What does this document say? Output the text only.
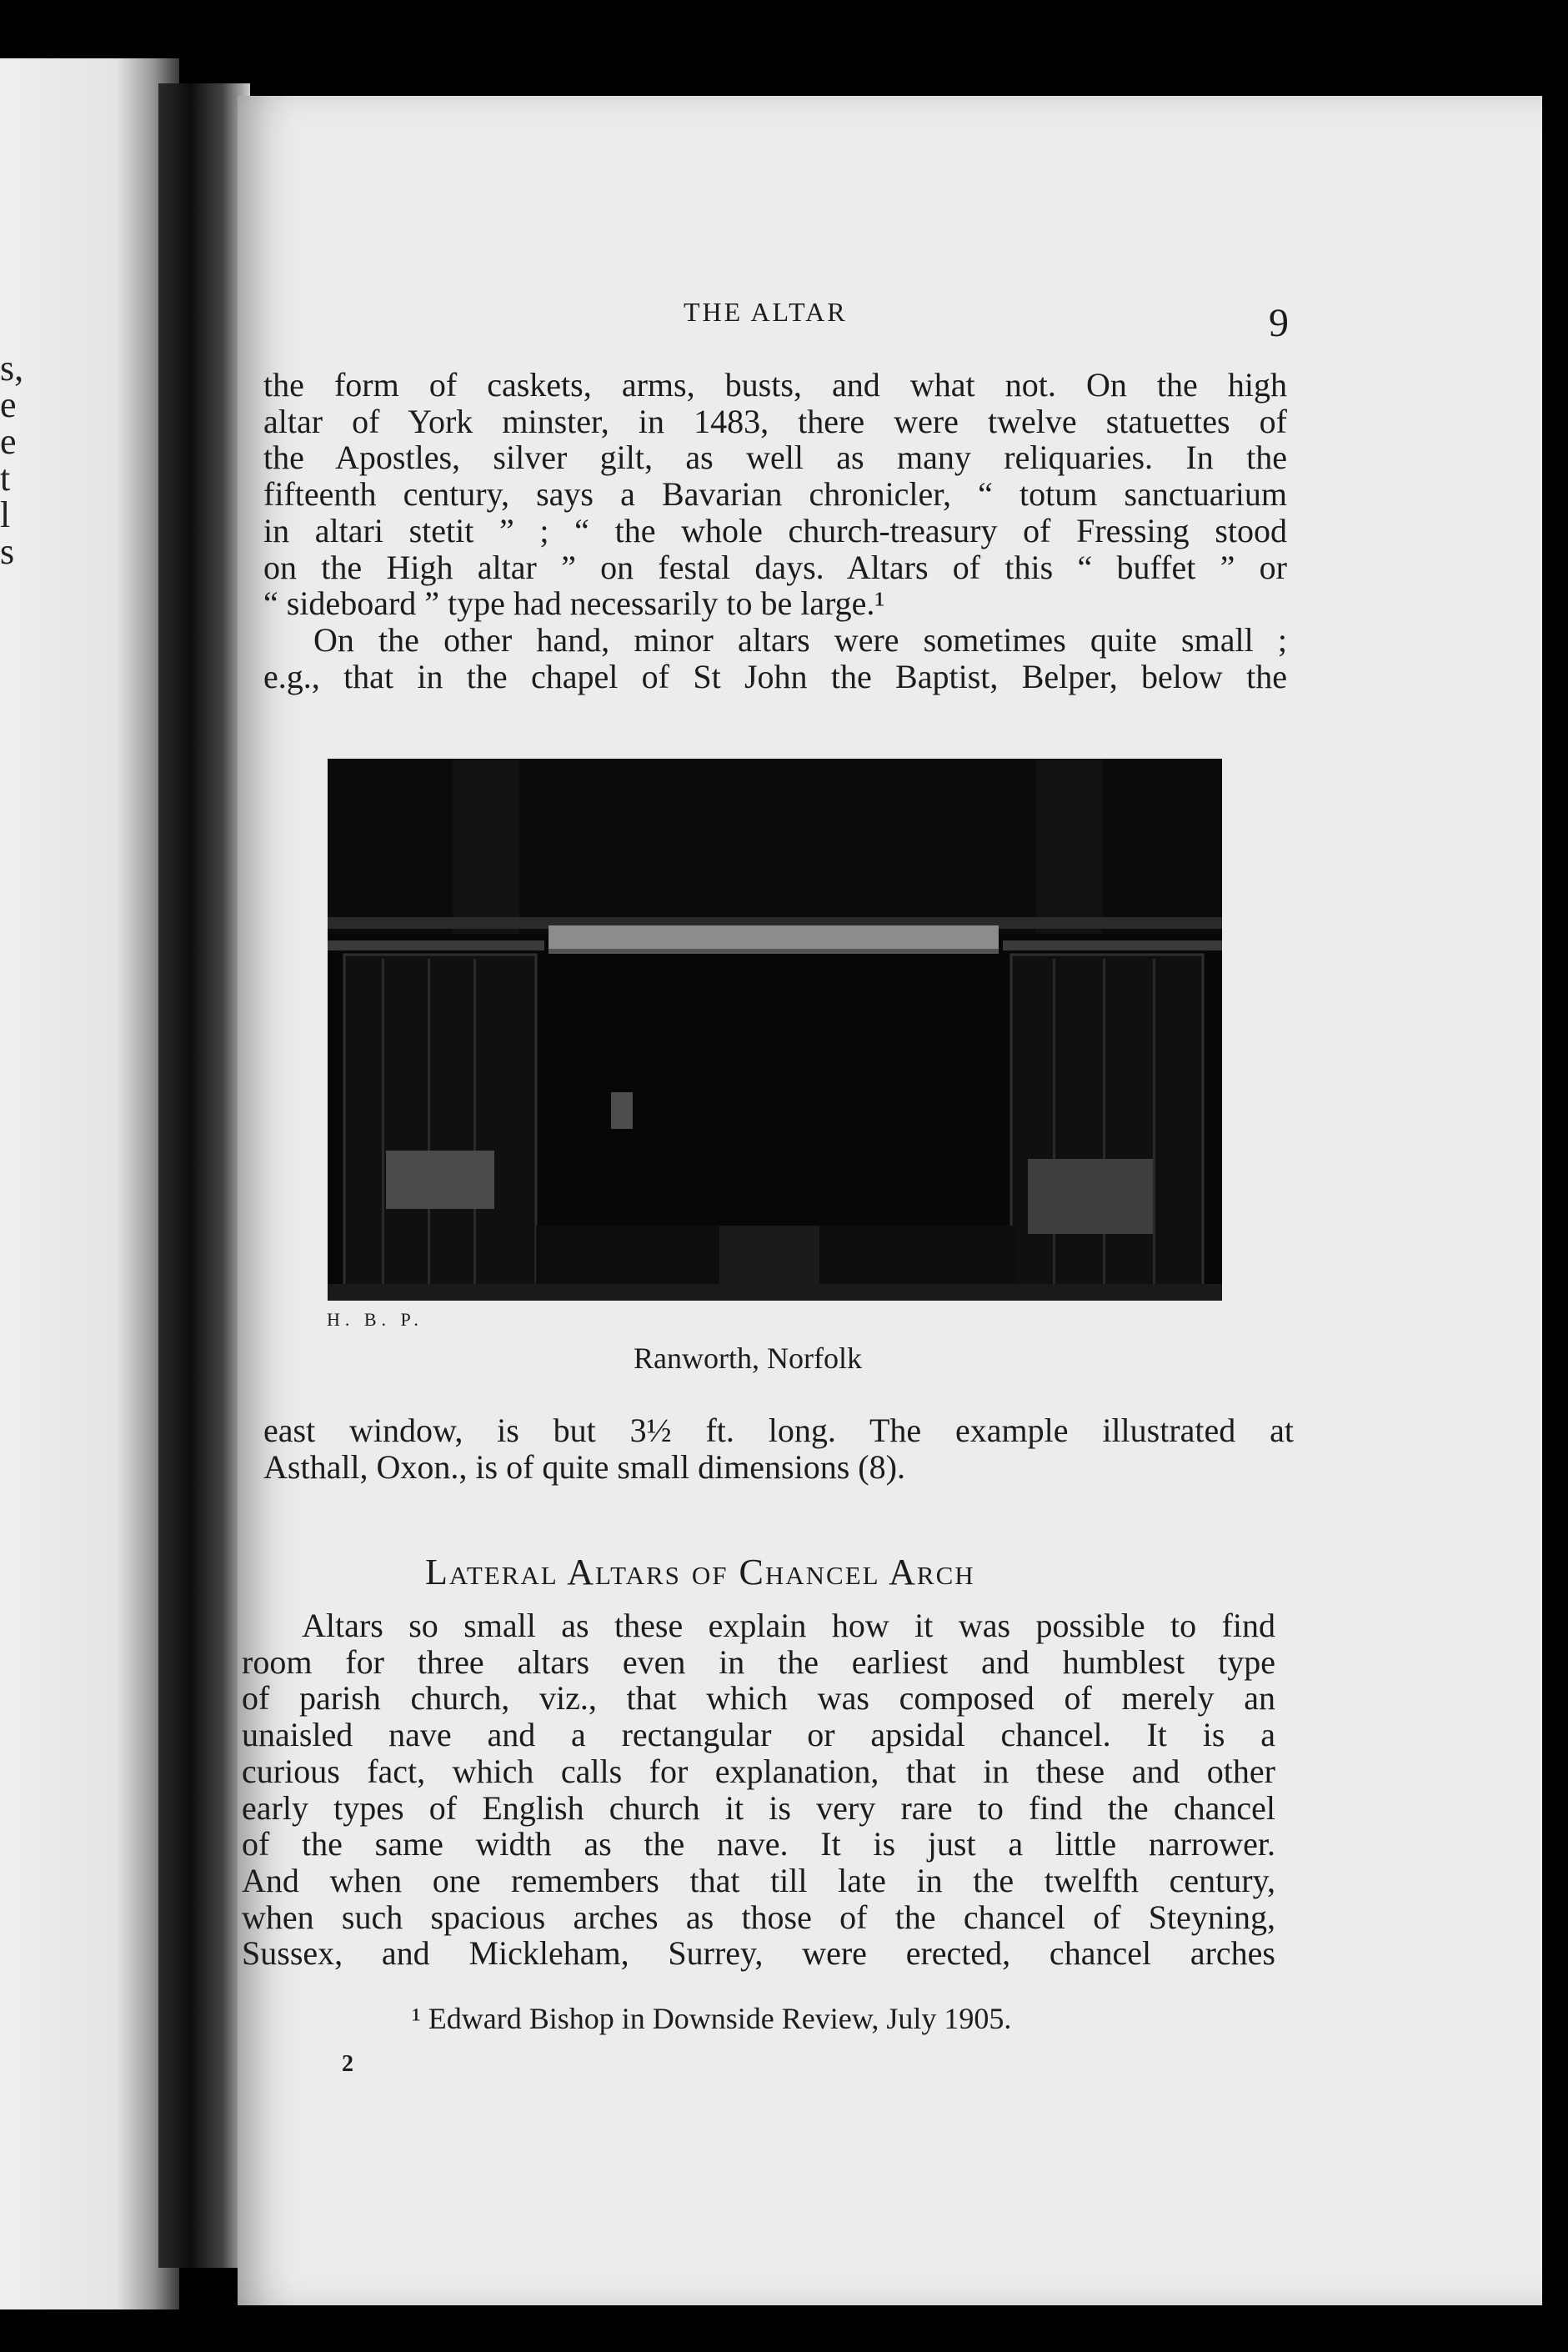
s,
e
e
t
l
s
THE ALTAR	9

the form of caskets, arms, busts, and what not. On the high
altar of York minster, in 1483, there were twelve statuettes of
the Apostles, silver gilt, as well as many reliquaries. In the
fifteenth century, says a Bavarian chronicler, “ totum sanctuarium
in altari stetit ” ; “ the whole church-treasury of Fressing stood
on the High altar ” on festal days. Altars of this “ buffet ” or
“ sideboard ” type had necessarily to be large.¹

On the other hand, minor altars were sometimes quite small ;
e.g., that in the chapel of St John the Baptist, Belper, below the

H. B. P.
Ranworth, Norfolk

east window, is but 3½ ft. long. The example illustrated at
Asthall, Oxon., is of quite small dimensions (8).

Lateral Altars of Chancel Arch

Altars so small as these explain how it was possible to find
room for three altars even in the earliest and humblest type
of parish church, viz., that which was composed of merely an
unaisled nave and a rectangular or apsidal chancel. It is a
curious fact, which calls for explanation, that in these and other
early types of English church it is very rare to find the chancel
of the same width as the nave. It is just a little narrower.
And when one remembers that till late in the twelfth century,
when such spacious arches as those of the chancel of Steyning,
Sussex, and Mickleham, Surrey, were erected, chancel arches

¹ Edward Bishop in Downside Review, July 1905.
2
